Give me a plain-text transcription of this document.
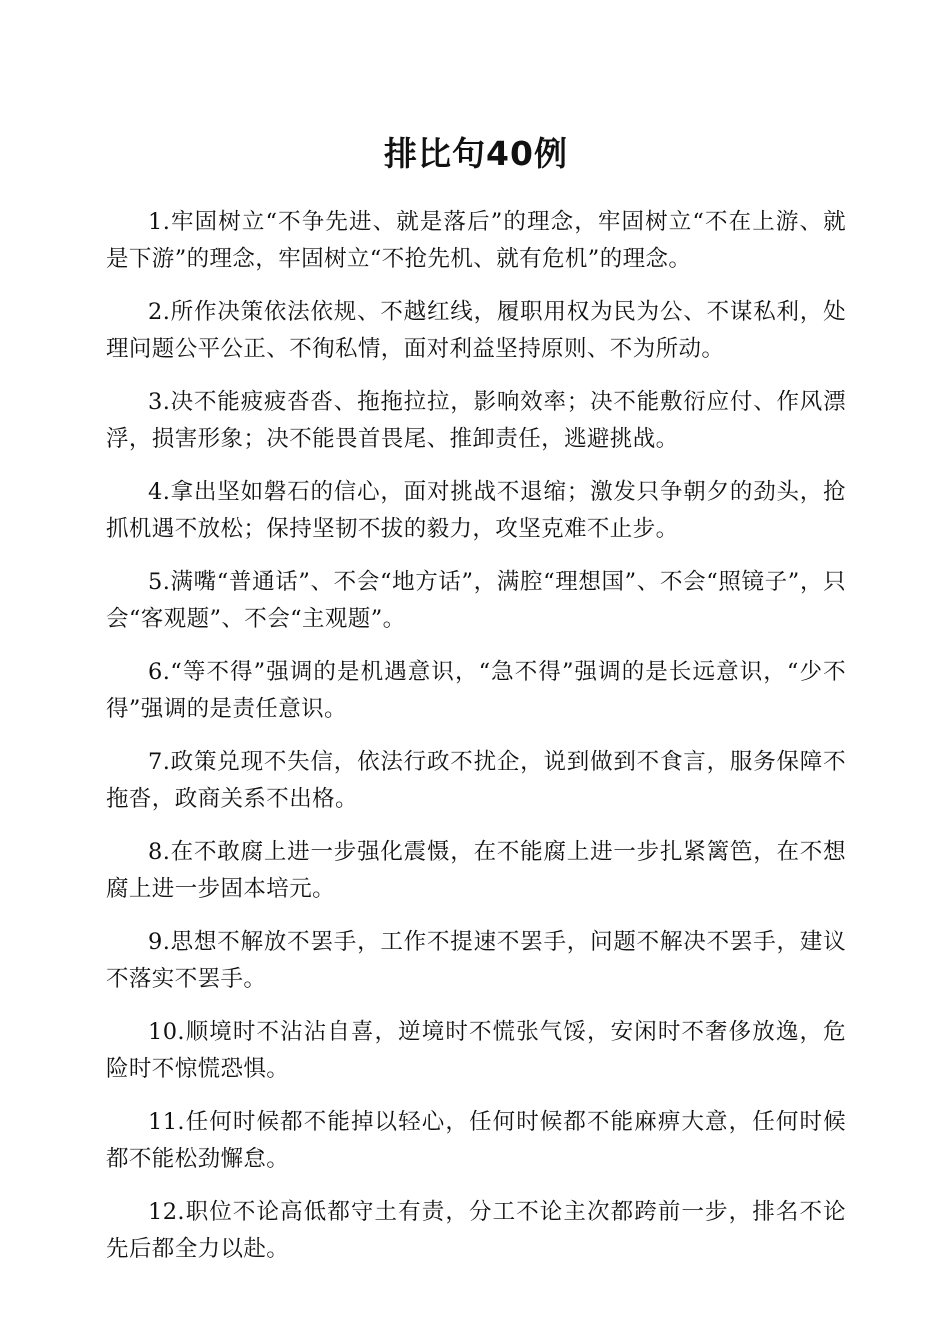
排比句40例

1.牢固树立“不争先进、就是落后”的理念，牢固树立“不在上游、就是下游”的理念，牢固树立“不抢先机、就有危机”的理念。

2.所作决策依法依规、不越红线，履职用权为民为公、不谋私利，处理问题公平公正、不徇私情，面对利益坚持原则、不为所动。

3.决不能疲疲沓沓、拖拖拉拉，影响效率；决不能敷衍应付、作风漂浮，损害形象；决不能畏首畏尾、推卸责任，逃避挑战。

4.拿出坚如磐石的信心，面对挑战不退缩；激发只争朝夕的劲头，抢抓机遇不放松；保持坚韧不拔的毅力，攻坚克难不止步。

5.满嘴“普通话”、不会“地方话”，满腔“理想国”、不会“照镜子”，只会“客观题”、不会“主观题”。

6.“等不得”强调的是机遇意识，“急不得”强调的是长远意识，“少不得”强调的是责任意识。

7.政策兑现不失信，依法行政不扰企，说到做到不食言，服务保障不拖沓，政商关系不出格。

8.在不敢腐上进一步强化震慑，在不能腐上进一步扎紧篱笆，在不想腐上进一步固本培元。

9.思想不解放不罢手，工作不提速不罢手，问题不解决不罢手，建议不落实不罢手。

10.顺境时不沾沾自喜，逆境时不慌张气馁，安闲时不奢侈放逸，危险时不惊慌恐惧。

11.任何时候都不能掉以轻心，任何时候都不能麻痹大意，任何时候都不能松劲懈怠。

12.职位不论高低都守土有责，分工不论主次都跨前一步，排名不论先后都全力以赴。
